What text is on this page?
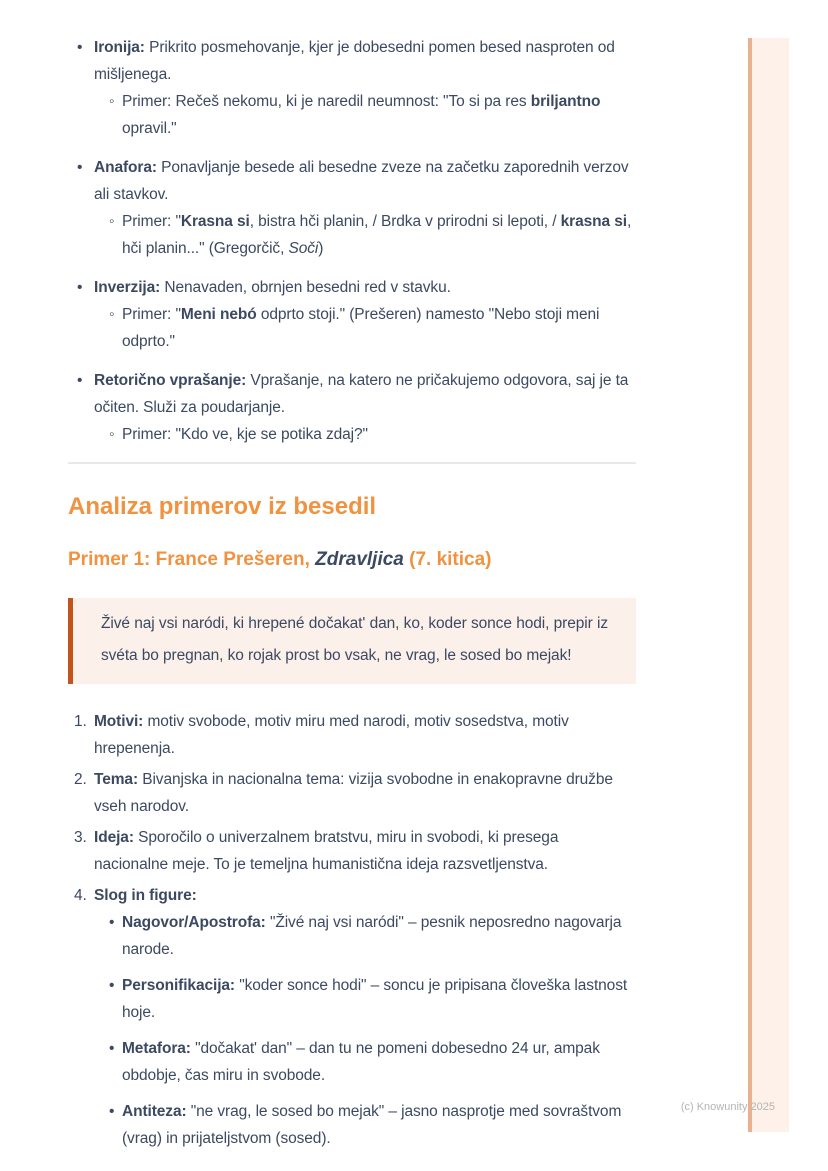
• Ironija: Prikrito posmehovanje, kjer je dobesedni pomen besed nasproten od mišljenega.
◦ Primer: Rečeš nekomu, ki je naredil neumnost: "To si pa res briljantno opravil."
• Anafora: Ponavljanje besede ali besedne zveze na začetku zaporednih verzov ali stavkov.
◦ Primer: "Krasna si, bistra hči planin, / Brdka v prirodni si lepoti, / krasna si, hči planin..." (Gregorčič, Soči)
• Inverzija: Nenavaden, obrnjen besedni red v stavku.
◦ Primer: "Meni nebó odprto stoji." (Prešeren) namesto "Nebo stoji meni odprto."
• Retorično vprašanje: Vprašanje, na katero ne pričakujemo odgovora, saj je ta očiten. Služi za poudarjanje.
◦ Primer: "Kdo ve, kje se potika zdaj?"
Analiza primerov iz besedil
Primer 1: France Prešeren, Zdravljica (7. kitica)

Živé naj vsi naródi, ki hrepené dočakat' dan, ko, koder sonce hodi, prepir iz svéta bo pregnan, ko rojak prost bo vsak, ne vrag, le sosed bo mejak!

1. Motivi: motiv svobode, motiv miru med narodi, motiv sosedstva, motiv hrepenenja.
2. Tema: Bivanjska in nacionalna tema: vizija svobodne in enakopravne družbe vseh narodov.
3. Ideja: Sporočilo o univerzalnem bratstvu, miru in svobodi, ki presega nacionalne meje. To je temeljna humanistična ideja razsvetljenstva.
4. Slog in figure:
• Nagovor/Apostrofa: "Živé naj vsi naródi" – pesnik neposredno nagovarja narode.
• Personifikacija: "koder sonce hodi" – soncu je pripisana človeška lastnost hoje.
• Metafora: "dočakat' dan" – dan tu ne pomeni dobesedno 24 ur, ampak obdobje, čas miru in svobode.
• Antiteza: "ne vrag, le sosed bo mejak" – jasno nasprotje med sovraštvom (vrag) in prijateljstvom (sosed).
(c) Knowunity 2025
